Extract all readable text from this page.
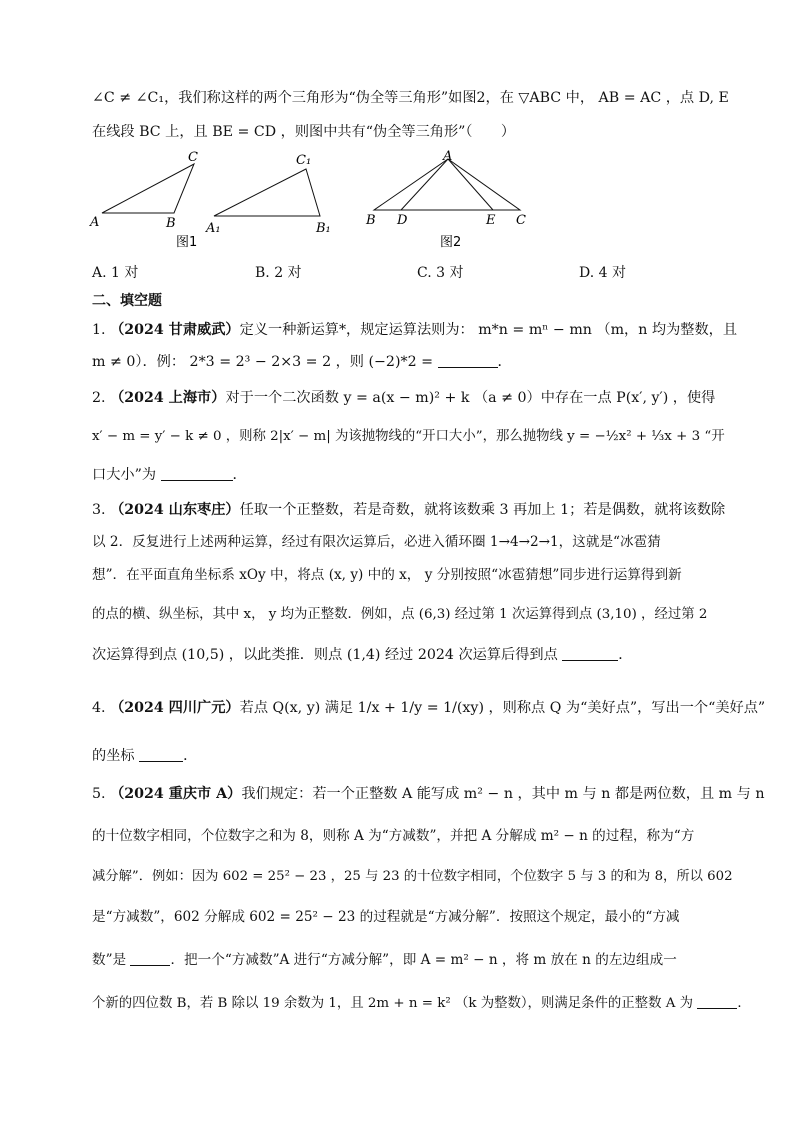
∠C ≠ ∠C₁，我们称这样的两个三角形为“伪全等三角形”如图2，在 ▽ABC 中， AB = AC ，点 D, E
在线段 BC 上，且 BE = CD ，则图中共有“伪全等三角形”（　　）
A	B
C
图1
A₁	B₁
C₁	A
B D	E C
图2
A. 1 对	B. 2 对	C. 3 对	D. 4 对
二、填空题
1. （2024 甘肃威武）定义一种新运算*，规定运算法则为： m*n = mⁿ − mn （m，n 均为整数，且
m ≠ 0）．例： 2*3 = 2³ − 2×3 = 2 ，则 (−2)*2 =	．
2. （2024 上海市）对于一个二次函数 y = a(x − m)² + k （a ≠ 0）中存在一点 P(x′, y′) ，使得
x′ − m = y′ − k ≠ 0 ，则称 2|x′ − m| 为该抛物线的“开口大小”，那么抛物线 y = −½x² + ⅓x + 3 “开
口大小”为	．
3. （2024 山东枣庄）任取一个正整数，若是奇数，就将该数乘 3 再加上 1；若是偶数，就将该数除
以 2．反复进行上述两种运算，经过有限次运算后，必进入循环圈 1→4→2→1，这就是“冰雹猜
想”．在平面直角坐标系 xOy 中，将点 (x, y) 中的 x， y 分别按照“冰雹猜想”同步进行运算得到新
的点的横、纵坐标，其中 x， y 均为正整数．例如，点 (6,3) 经过第 1 次运算得到点 (3,10) ，经过第 2
次运算得到点 (10,5) ，以此类推．则点 (1,4) 经过 2024 次运算后得到点	．
4. （2024 四川广元）若点 Q(x, y) 满足 1/x + 1/y = 1/(xy) ，则称点 Q 为“美好点”，写出一个“美好点”
的坐标	．
5. （2024 重庆市 A）我们规定：若一个正整数 A 能写成 m² − n ，其中 m 与 n 都是两位数，且 m 与 n
的十位数字相同，个位数字之和为 8，则称 A 为“方减数”，并把 A 分解成 m² − n 的过程，称为“方
减分解”．例如：因为 602 = 25² − 23 ，25 与 23 的十位数字相同，个位数字 5 与 3 的和为 8，所以 602
是“方减数”，602 分解成 602 = 25² − 23 的过程就是“方减分解”．按照这个规定，最小的“方减
数”是	．把一个“方减数”A 进行“方减分解”，即 A = m² − n ，将 m 放在 n 的左边组成一
个新的四位数 B，若 B 除以 19 余数为 1，且 2m + n = k² （k 为整数），则满足条件的正整数 A 为	．
